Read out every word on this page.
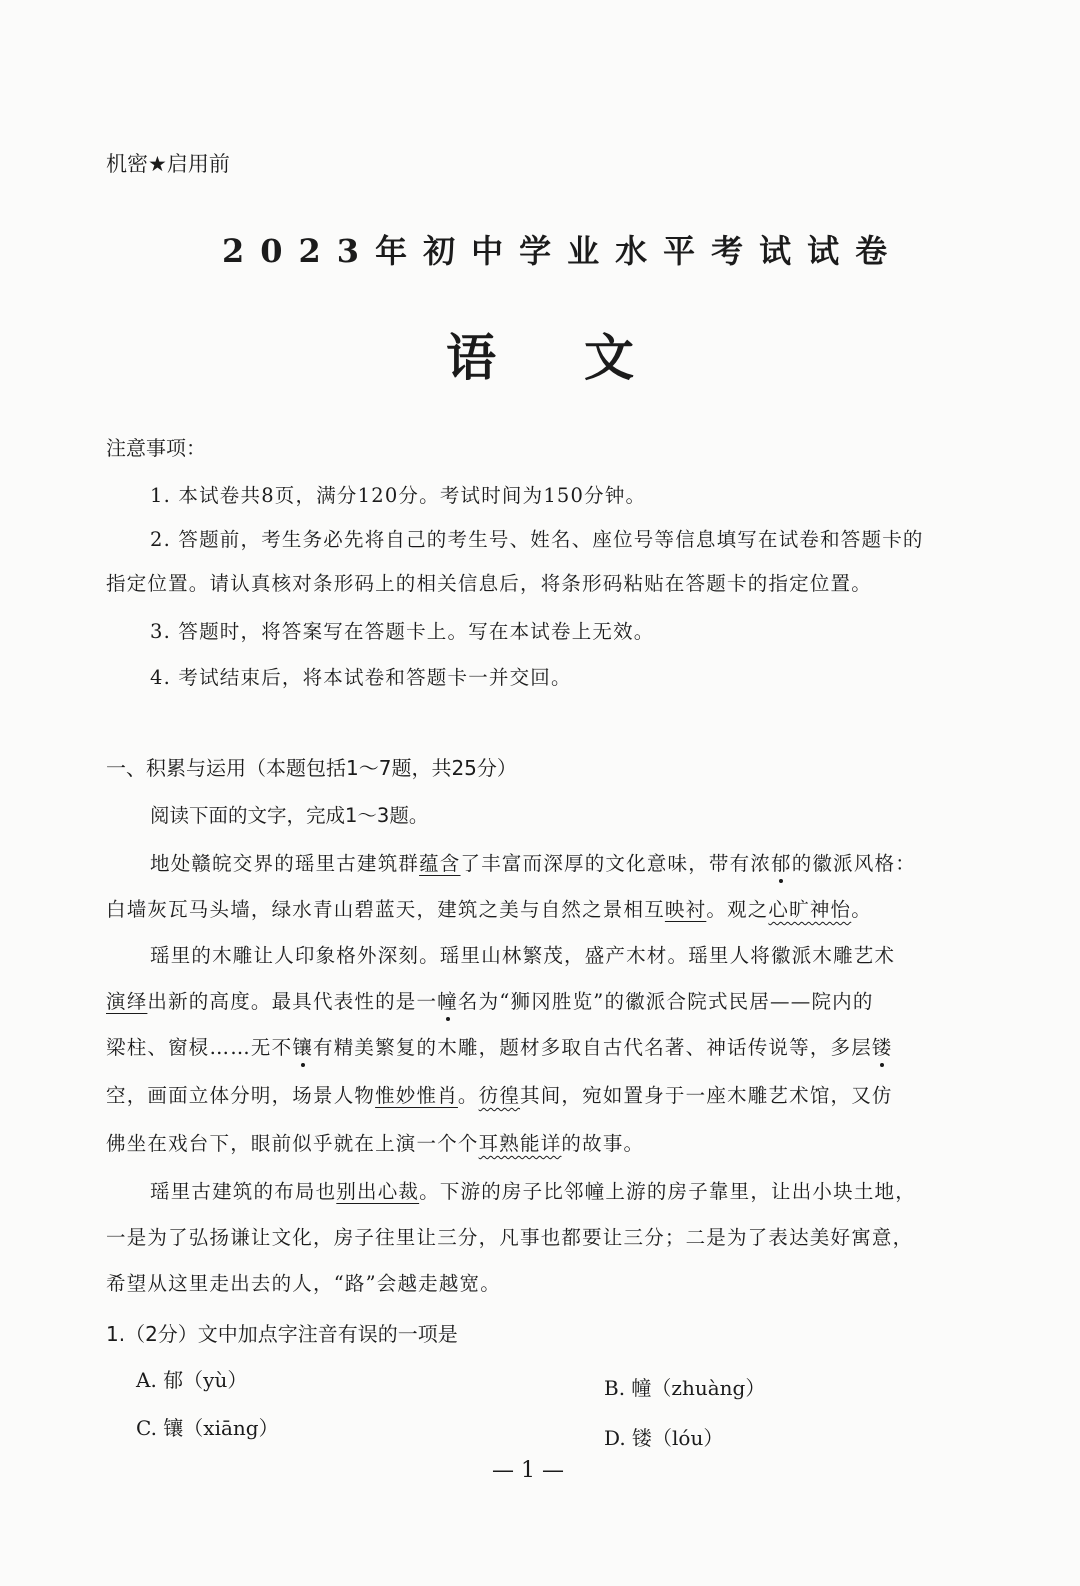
机密★启用前
2023年初中学业水平考试试卷
语文
注意事项：
1. 本试卷共8页，满分120分。考试时间为150分钟。
2. 答题前，考生务必先将自己的考生号、姓名、座位号等信息填写在试卷和答题卡的
指定位置。请认真核对条形码上的相关信息后，将条形码粘贴在答题卡的指定位置。
3. 答题时，将答案写在答题卡上。写在本试卷上无效。
4. 考试结束后，将本试卷和答题卡一并交回。
一、积累与运用（本题包括1～7题，共25分）
阅读下面的文字，完成1～3题。
地处赣皖交界的瑶里古建筑群蕴含了丰富而深厚的文化意味，带有浓郁的徽派风格：
白墙灰瓦马头墙，绿水青山碧蓝天，建筑之美与自然之景相互映衬。观之心旷神怡。
瑶里的木雕让人印象格外深刻。瑶里山林繁茂，盛产木材。瑶里人将徽派木雕艺术
演绎出新的高度。最具代表性的是一幢名为“狮冈胜览”的徽派合院式民居——院内的
梁柱、窗棂……无不镶有精美繁复的木雕，题材多取自古代名著、神话传说等，多层镂
空，画面立体分明，场景人物惟妙惟肖。彷徨其间，宛如置身于一座木雕艺术馆，又仿
佛坐在戏台下，眼前似乎就在上演一个个耳熟能详的故事。
瑶里古建筑的布局也别出心裁。下游的房子比邻幢上游的房子靠里，让出小块土地，
一是为了弘扬谦让文化，房子往里让三分，凡事也都要让三分；二是为了表达美好寓意，
希望从这里走出去的人，“路”会越走越宽。
1.（2分）文中加点字注音有误的一项是
A. 郁（yù）	B. 幢（zhuàng）
C. 镶（xiāng）	D. 镂（lóu）
— 1 —
